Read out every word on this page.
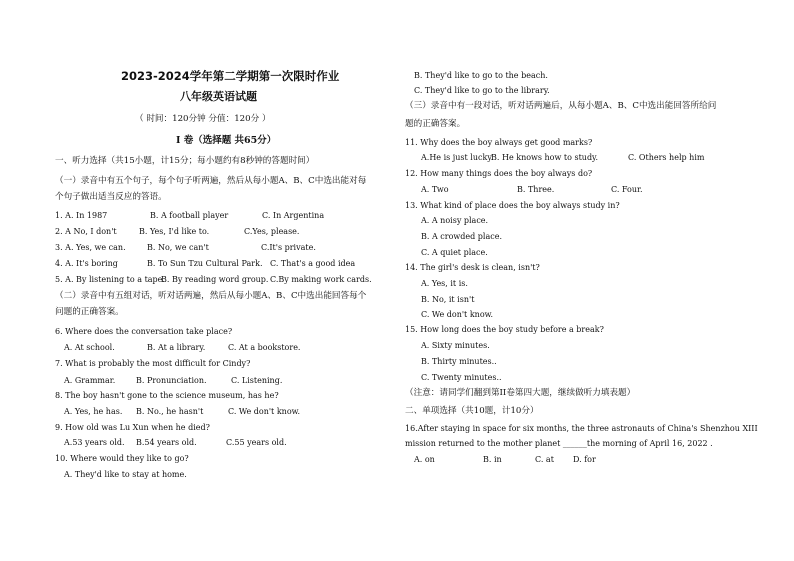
2023-2024学年第二学期第一次限时作业
八年级英语试题
（ 时间：120分钟 分值：120分 ）
I 卷（选择题 共65分）
一、听力选择（共15小题，计15分；每小题约有8秒钟的答题时间）
（一）录音中有五个句子，每个句子听两遍，然后从每小题A、B、C中选出能对每
个句子做出适当反应的答语。
1. A. In 1987	B. A football player	C. In Argentina
2. A No, I don't	B. Yes, I'd like to.	C.Yes, please.
3. A. Yes, we can.	B. No, we can't	C.It's private.
4. A. It's boring	B. To Sun Tzu Cultural Park. C. That's a good idea
5. A. By listening to a tape.
B. By reading word group. C.By making work cards.
（二）录音中有五组对话，听对话两遍，然后从每小题A、B、C中选出能回答每个
问题的正确答案。
6. Where does the conversation take place?
A. At school.	B. At a library.	C. At a bookstore.
7. What is probably the most difficult for Cindy?
A. Grammar.	B. Pronunciation.	C. Listening.
8. The boy hasn't gone to the science museum, has he?
A. Yes, he has. B. No., he hasn't	C. We don't know.
9. How old was Lu Xun when he died?
A.53 years old. B.54 years old.	C.55 years old.
10. Where would they like to go?
A. They'd like to stay at home.
B. They'd like to go to the beach.
C. They'd like to go to the library.
（三）录音中有一段对话，听对话两遍后，从每小题A、B、C中选出能回答所给问
题的正确答案。
11. Why does the boy always get good marks?
A.He is just lucky.
B. He knows how to study.	C. Others help him
12. How many things does the boy always do?
A. Two	B. Three.	C. Four.
13. What kind of place does the boy always study in?
A. A noisy place.
B. A crowded place.
C. A quiet place.
14. The girl's desk is clean, isn't?
A. Yes, it is.
B. No, it isn't
C. We don't know.
15. How long does the boy study before a break?
A. Sixty minutes.
B. Thirty minutes..
C. Twenty minutes..
（注意：请同学们翻到第II卷第四大题，继续做听力填表题）
二、单项选择（共10题，计10分）
16.After staying in space for six months, the three astronauts of China's Shenzhou XIII
mission returned to the mother planet ______the morning of April 16, 2022 .
A. on	B. in	C. at D. for
